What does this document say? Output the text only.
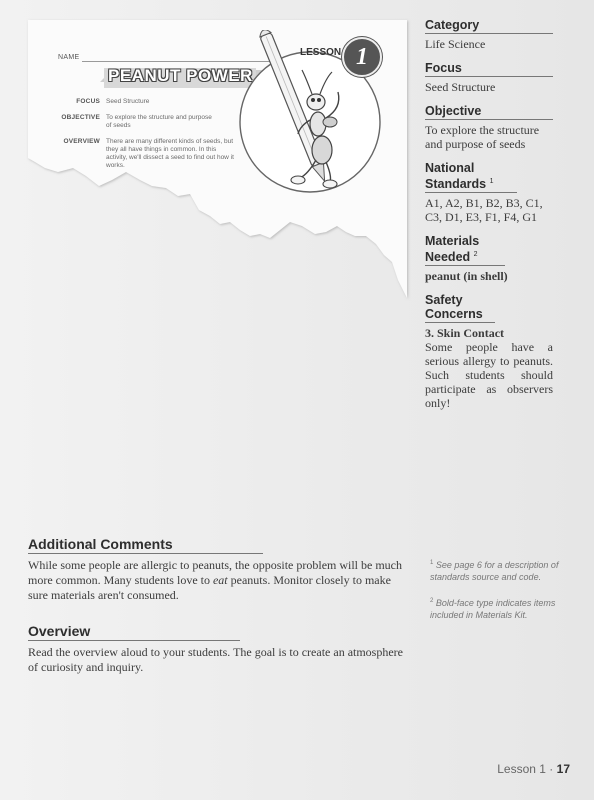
NAME
PEANUT POWER
FOCUS Seed Structure
OBJECTIVE To explore the structure and purpose of seeds
OVERVIEW There are many different kinds of seeds, but they all have things in common. In this activity, we'll dissect a seed to find out how it works.
LESSON 1
Category
Life Science
Focus
Seed Structure
Objective
To explore the structure and purpose of seeds
National Standards $^1$
A1, A2, B1, B2, B3, C1, C3, D1, E3, F1, F4, G1
Materials Needed $^2$
peanut (in shell)
Safety Concerns
3. Skin Contact
Some people have a serious allergy to peanuts. Such students should participate as observers only!
Additional Comments
While some people are allergic to peanuts, the opposite problem will be much more common. Many students love to eat peanuts. Monitor closely to make sure materials aren't consumed.
Overview
Read the overview aloud to your students. The goal is to create an atmosphere of curiosity and inquiry.
$^1$ See page 6 for a description of standards source and code.
$^2$ Bold-face type indicates items included in Materials Kit.
Lesson 1 · 17
